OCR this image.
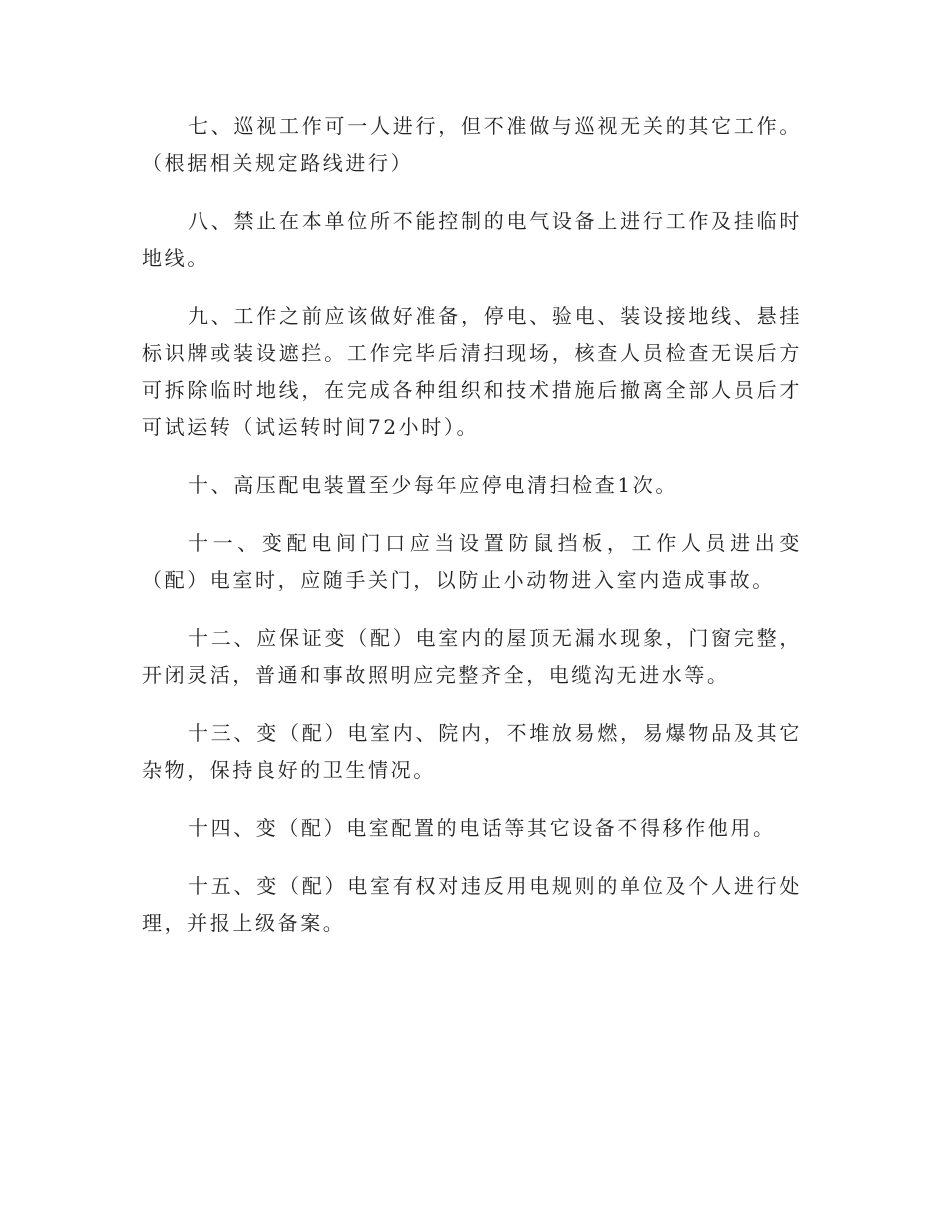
七、巡视工作可一人进行，但不准做与巡视无关的其它工作。（根据相关规定路线进行）

八、禁止在本单位所不能控制的电气设备上进行工作及挂临时地线。

九、工作之前应该做好准备，停电、验电、装设接地线、悬挂标识牌或装设遮拦。工作完毕后清扫现场，核查人员检查无误后方可拆除临时地线，在完成各种组织和技术措施后撤离全部人员后才可试运转（试运转时间72小时）。

十、高压配电装置至少每年应停电清扫检查1次。

十一、变配电间门口应当设置防鼠挡板，工作人员进出变（配）电室时，应随手关门，以防止小动物进入室内造成事故。

十二、应保证变（配）电室内的屋顶无漏水现象，门窗完整，开闭灵活，普通和事故照明应完整齐全，电缆沟无进水等。

十三、变（配）电室内、院内，不堆放易燃，易爆物品及其它杂物，保持良好的卫生情况。

十四、变（配）电室配置的电话等其它设备不得移作他用。

十五、变（配）电室有权对违反用电规则的单位及个人进行处理，并报上级备案。
